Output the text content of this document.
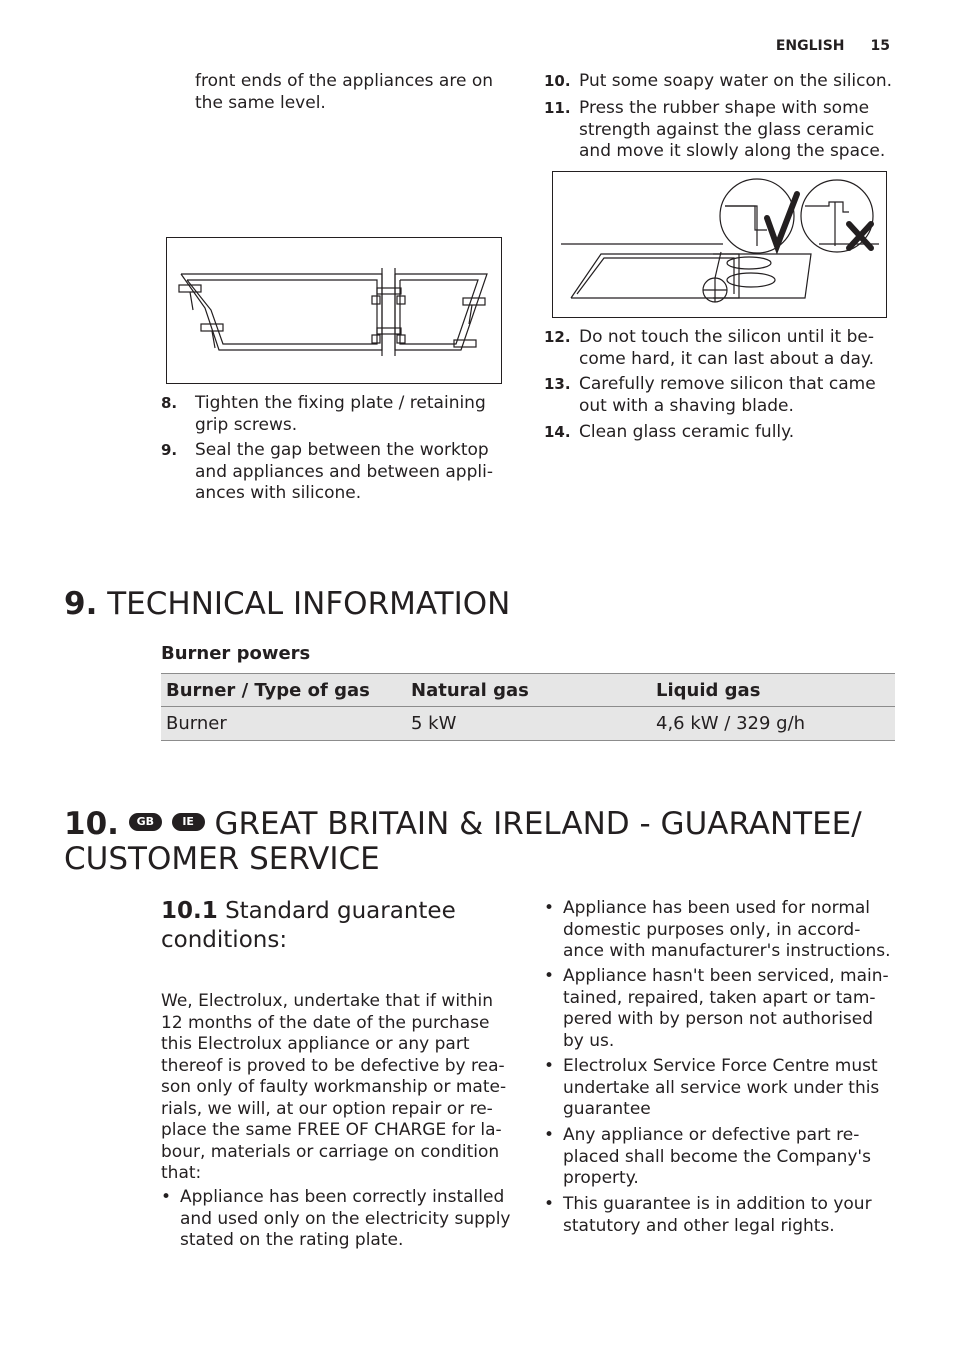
ENGLISH 15
front ends of the appliances are on
the same level.
8. Tighten the fixing plate / retaining
grip screws.
9. Seal the gap between the worktop
and appliances and between appli-
ances with silicone.
10. Put some soapy water on the silicon.
11. Press the rubber shape with some
strength against the glass ceramic
and move it slowly along the space.
12. Do not touch the silicon until it be-
come hard, it can last about a day.
13. Carefully remove silicon that came
out with a shaving blade.
14. Clean glass ceramic fully.
9. TECHNICAL INFORMATION
Burner powers
Burner / Type of gas	Natural gas	Liquid gas
Burner	5 kW	4,6 kW / 329 g/h
10. GB	IE GREAT BRITAIN & IRELAND - GUARANTEE/
CUSTOMER SERVICE
10.1 Standard guarantee
conditions:
We, Electrolux, undertake that if within
12 months of the date of the purchase
this Electrolux appliance or any part
thereof is proved to be defective by rea-
son only of faulty workmanship or mate-
rials, we will, at our option repair or re-
place the same FREE OF CHARGE for la-
bour, materials or carriage on condition
that:
• Appliance has been correctly installed
and used only on the electricity supply
stated on the rating plate.
• Appliance has been used for normal
domestic purposes only, in accord-
ance with manufacturer's instructions.
• Appliance hasn't been serviced, main-
tained, repaired, taken apart or tam-
pered with by person not authorised
by us.
• Electrolux Service Force Centre must
undertake all service work under this
guarantee
• Any appliance or defective part re-
placed shall become the Company's
property.
• This guarantee is in addition to your
statutory and other legal rights.
